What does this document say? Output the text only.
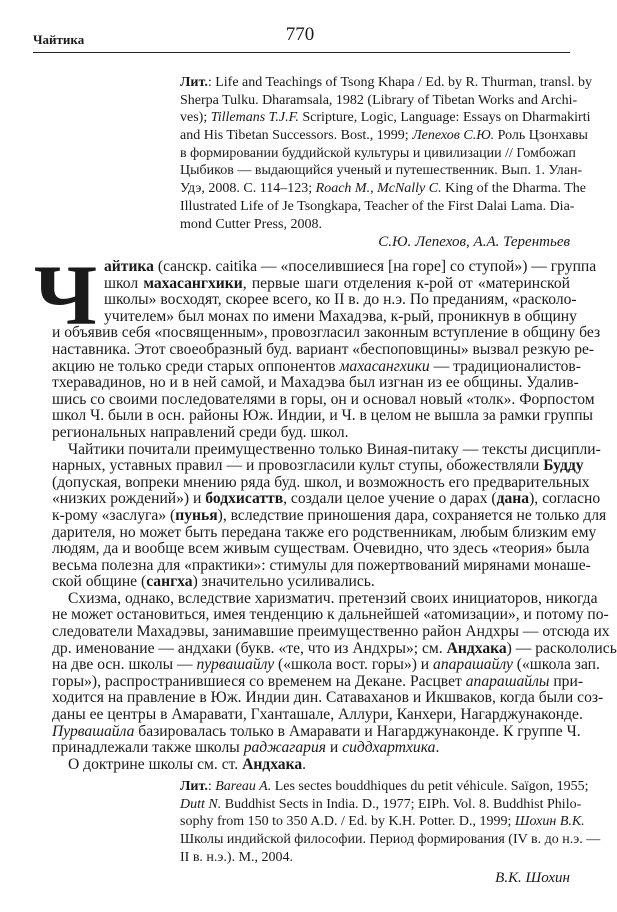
Чайтика	770
Лит.: Life and Teachings of Tsong Khapa / Ed. by R. Thurman, transl. by
Sherpa Tulku. Dharamsala, 1982 (Library of Tibetan Works and Archi-
ves); Tillemans T.J.F. Scripture, Logic, Language: Essays on Dharmakirti
and His Tibetan Successors. Bost., 1999; Лепехов С.Ю. Роль Цзонхавы
в формировании буддийской культуры и цивилизации // Гомбожап
Цыбиков — выдающийся ученый и путешественник. Вып. 1. Улан-
Удэ, 2008. С. 114–123; Roach M., McNally C. King of the Dharma. The
Illustrated Life of Je Tsongkapa, Teacher of the First Dalai Lama. Dia-
mond Cutter Press, 2008.
С.Ю. Лепехов, А.А. Терентьев
Ч айтика (санскр. caitika — «поселившиеся [на горе] со ступой») — группа
школ махасангхики, первые шаги отделения к-рой от «материнской
школы» восходят, скорее всего, ко II в. до н.э. По преданиям, «расколо-
учителем» был монах по имени Махадэва, к-рый, проникнув в общину
и объявив себя «посвященным», провозгласил законным вступление в общину без
наставника. Этот своеобразный буд. вариант «беспоповщины» вызвал резкую ре-
акцию не только среди старых оппонентов махасангхики — традиционалистов-
тхеравадинов, но и в ней самой, и Махадэва был изгнан из ее общины. Удалив-
шись со своими последователями в горы, он и основал новый «толк». Форпостом
школ Ч. были в осн. районы Юж. Индии, и Ч. в целом не вышла за рамки группы
региональных направлений среди буд. школ.
Чайтики почитали преимущественно только Виная-питаку — тексты дисципли-
нарных, уставных правил — и провозгласили культ ступы, обожествляли Будду
(допуская, вопреки мнению ряда буд. школ, и возможность его предварительных
«низких рождений») и бодхисаттв, создали целое учение о дарах (дана), согласно
к-рому «заслуга» (пунья), вследствие приношения дара, сохраняется не только для
дарителя, но может быть передана также его родственникам, любым близким ему
людям, да и вообще всем живым существам. Очевидно, что здесь «теория» была
весьма полезна для «практики»: стимулы для пожертвований мирянами монаше-
ской общине (сангха) значительно усиливались.
Схизма, однако, вследствие харизматич. претензий своих инициаторов, никогда
не может остановиться, имея тенденцию к дальнейшей «атомизации», и потому по-
следователи Махадэвы, занимавшие преимущественно район Андхры — отсюда их
др. именование — андхаки (букв. «те, что из Андхры»; см. Андхака) — раскололись
на две осн. школы — пурвашайлу («школа вост. горы») и апарашайлу («школа зап.
горы»), распространившиеся со временем на Декане. Расцвет апарашайлы при-
ходится на правление в Юж. Индии дин. Сатаваханов и Икшваков, когда были соз-
даны ее центры в Амаравати, Гханташале, Аллури, Канхери, Нагарджунаконде.
Пурвашайла базировалась только в Амаравати и Нагарджунаконде. К группе Ч.
принадлежали также школы раджагария и сиддхартхика.
О доктрине школы см. ст. Андхака.
Лит.: Bareau A. Les sectes bouddhiques du petit véhicule. Saïgon, 1955;
Dutt N. Buddhist Sects in India. D., 1977; EIPh. Vol. 8. Buddhist Philo-
sophy from 150 to 350 A.D. / Ed. by K.H. Potter. D., 1999; Шохин В.К.
Школы индийской философии. Период формирования (IV в. до н.э. —
II в. н.э.). М., 2004.
В.К. Шохин
